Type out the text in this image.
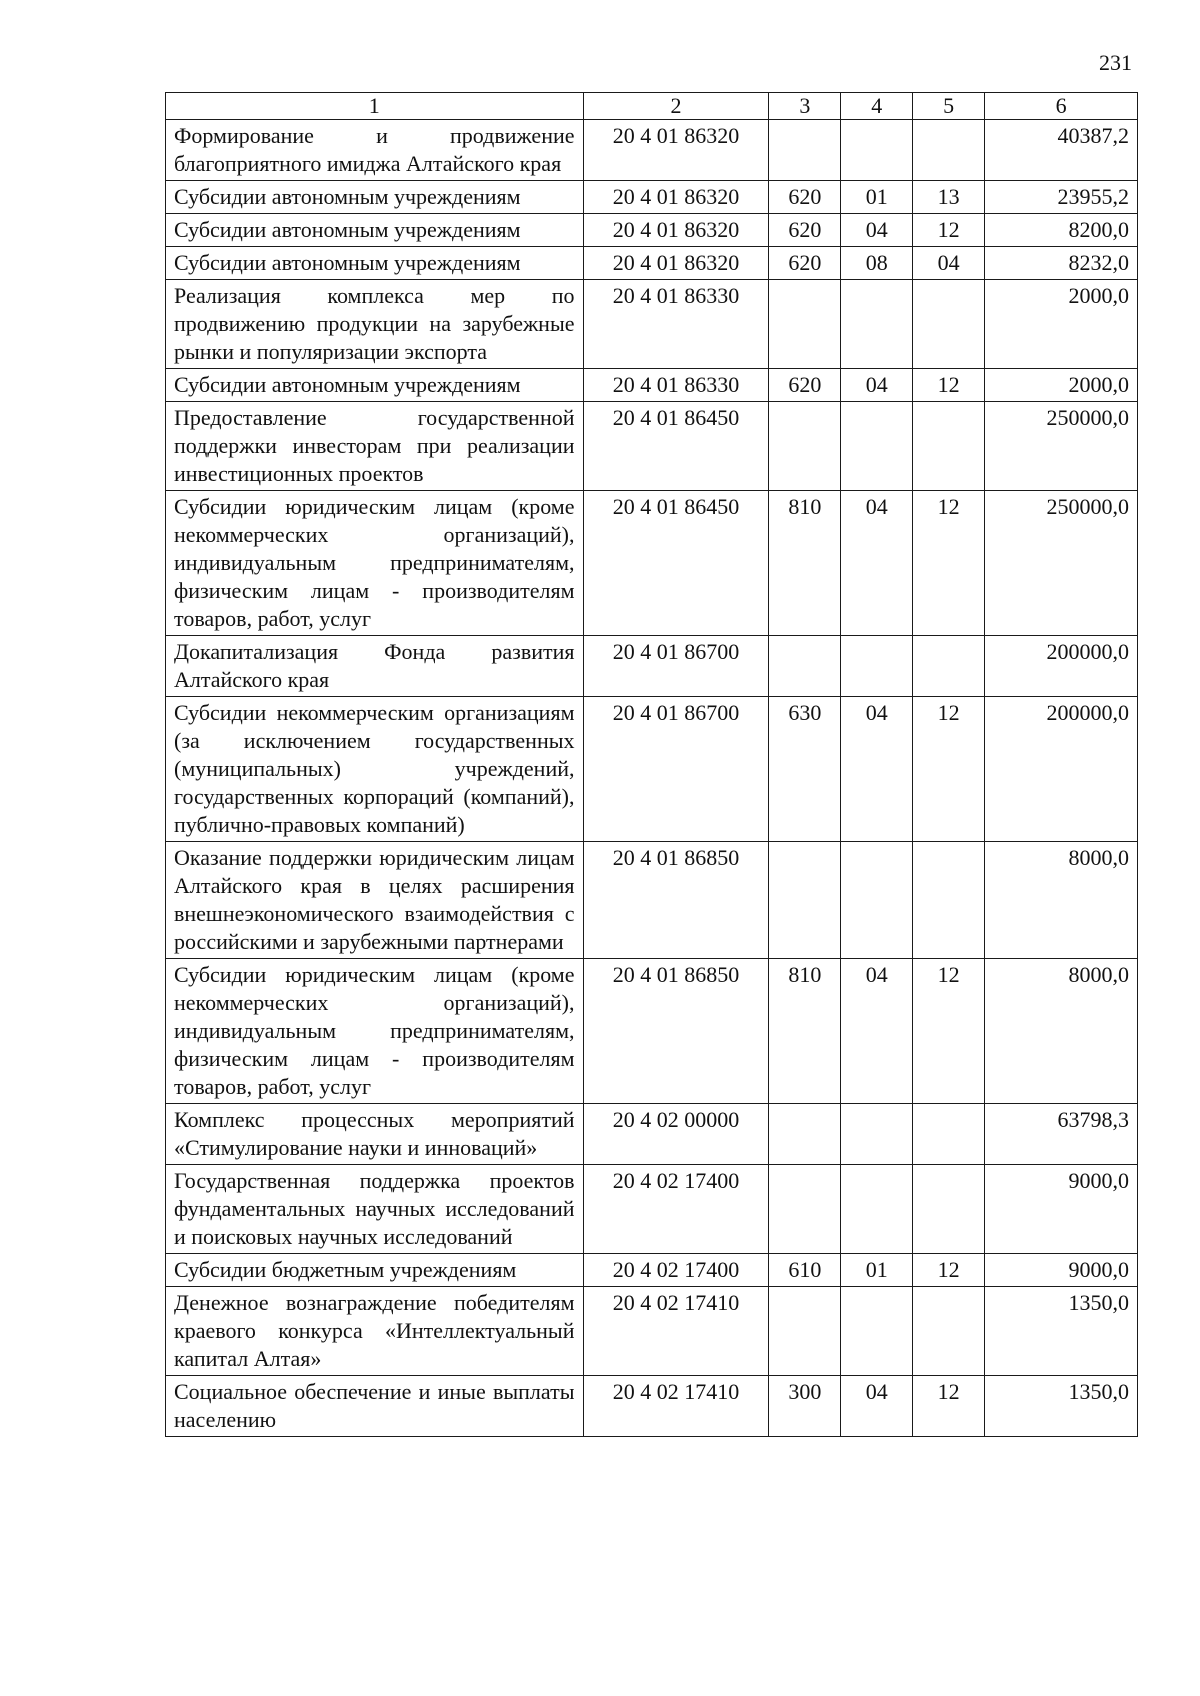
231
1	2	3	4	5	6
Формирование и продвижение благоприятного имиджа Алтайского края	20 4 01 86320				40387,2
Субсидии автономным учреждениям	20 4 01 86320	620	01	13	23955,2
Субсидии автономным учреждениям	20 4 01 86320	620	04	12	8200,0
Субсидии автономным учреждениям	20 4 01 86320	620	08	04	8232,0
Реализация комплекса мер по продвижению продукции на зарубежные рынки и популяризации экспорта	20 4 01 86330				2000,0
Субсидии автономным учреждениям	20 4 01 86330	620	04	12	2000,0
Предоставление государственной поддержки инвесторам при реализации инвестиционных проектов	20 4 01 86450				250000,0
Субсидии юридическим лицам (кроме некоммерческих организаций), индивидуальным предпринимателям, физическим лицам - производителям товаров, работ, услуг	20 4 01 86450	810	04	12	250000,0
Докапитализация Фонда развития Алтайского края	20 4 01 86700				200000,0
Субсидии некоммерческим организациям (за исключением государственных (муниципальных) учреждений, государственных корпораций (компаний), публично-правовых компаний)	20 4 01 86700	630	04	12	200000,0
Оказание поддержки юридическим лицам Алтайского края в целях расширения внешнеэкономического взаимодействия с российскими и зарубежными партнерами	20 4 01 86850				8000,0
Субсидии юридическим лицам (кроме некоммерческих организаций), индивидуальным предпринимателям, физическим лицам - производителям товаров, работ, услуг	20 4 01 86850	810	04	12	8000,0
Комплекс процессных мероприятий «Стимулирование науки и инноваций»	20 4 02 00000				63798,3
Государственная поддержка проектов фундаментальных научных исследований и поисковых научных исследований	20 4 02 17400				9000,0
Субсидии бюджетным учреждениям	20 4 02 17400	610	01	12	9000,0
Денежное вознаграждение победителям краевого конкурса «Интеллектуальный капитал Алтая»	20 4 02 17410				1350,0
Социальное обеспечение и иные выплаты населению	20 4 02 17410	300	04	12	1350,0
